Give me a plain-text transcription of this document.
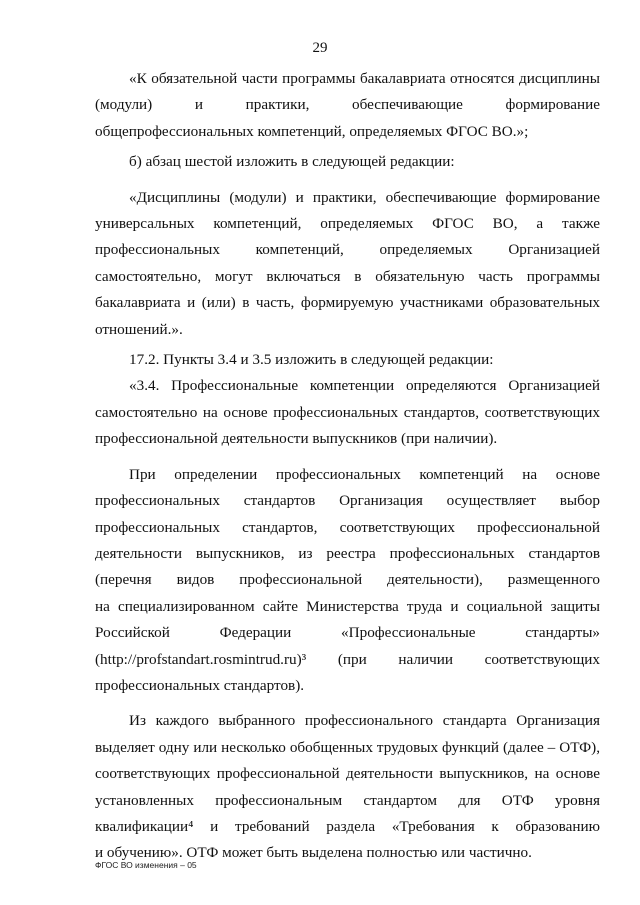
29
«К обязательной части программы бакалавриата относятся дисциплины
(модули) и практики, обеспечивающие формирование
общепрофессиональных компетенций, определяемых ФГОС ВО.»;
б) абзац шестой изложить в следующей редакции:
«Дисциплины (модули) и практики, обеспечивающие формирование
универсальных компетенций, определяемых ФГОС ВО, а также
профессиональных компетенций, определяемых Организацией
самостоятельно, могут включаться в обязательную часть программы
бакалавриата и (или) в часть, формируемую участниками образовательных
отношений.».
17.2. Пункты 3.4 и 3.5 изложить в следующей редакции:
«3.4. Профессиональные компетенции определяются Организацией
самостоятельно на основе профессиональных стандартов, соответствующих
профессиональной деятельности выпускников (при наличии).
При определении профессиональных компетенций на основе
профессиональных стандартов Организация осуществляет выбор
профессиональных стандартов, соответствующих профессиональной
деятельности выпускников, из реестра профессиональных стандартов
(перечня видов профессиональной деятельности), размещенного
на специализированном сайте Министерства труда и социальной защиты
Российской Федерации «Профессиональные стандарты»
(http://profstandart.rosmintrud.ru)³ (при наличии соответствующих
профессиональных стандартов).
Из каждого выбранного профессионального стандарта Организация
выделяет одну или несколько обобщенных трудовых функций (далее – ОТФ),
соответствующих профессиональной деятельности выпускников, на основе
установленных профессиональным стандартом для ОТФ уровня
квалификации⁴ и требований раздела «Требования к образованию
и обучению». ОТФ может быть выделена полностью или частично.
ФГОС ВО изменения – 05
